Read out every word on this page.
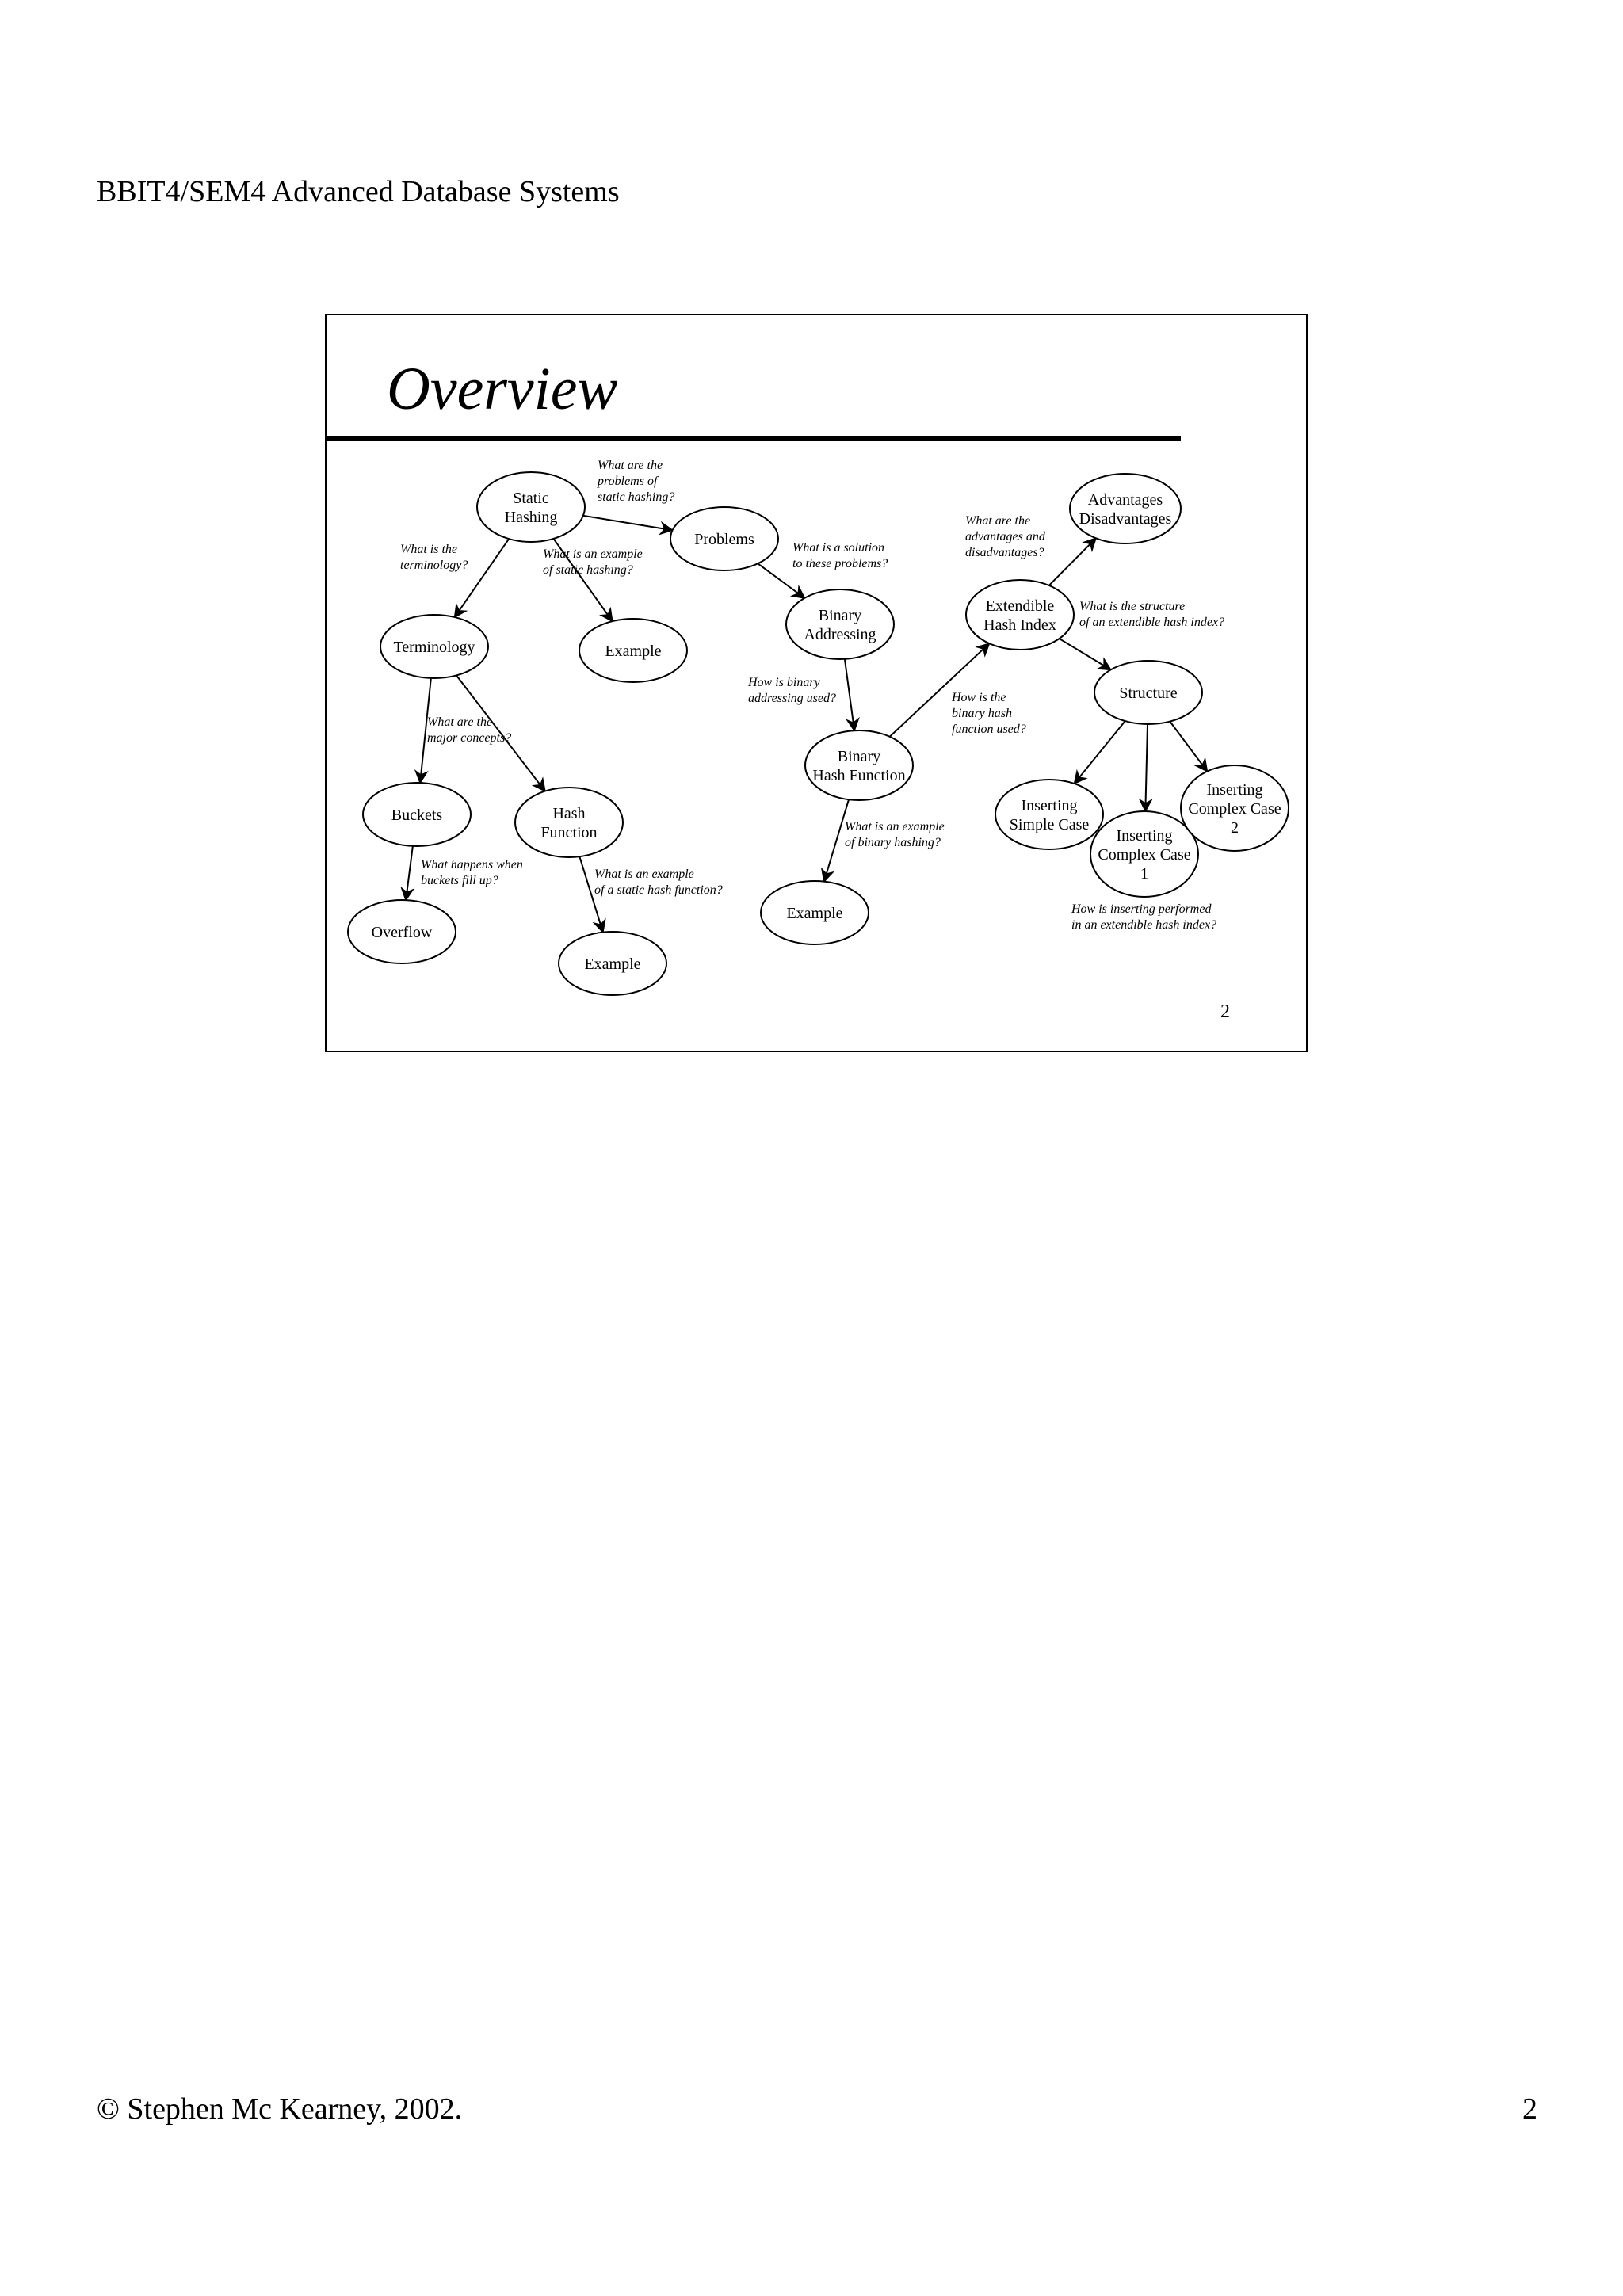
BBIT4/SEM4 Advanced Database Systems
Overview
Static
Hashing
Problems
Terminology	Example
Buckets	Hash
Function
Overflow
Example
Binary
Addressing
Binary
Hash Function
Example
Extendible
Hash Index
Advantages
Disadvantages
Structure
Inserting
Simple Case
Inserting
Complex Case
1
Inserting
Complex Case
2
What are the problems of static hashing?
What is the terminology?
What is an example of static hashing?
What is a solution to these problems?
What are the major concepts?
What happens when buckets fill up?	What is an example of a static hash function?
How is binary addressing used?	How is the binary hash function used?
What is an example of binary hashing?
What are the advantages and disadvantages?
What is the structure of an extendible hash index?
How is inserting performed in an extendible hash index?
2
© Stephen Mc Kearney, 2002.	2
